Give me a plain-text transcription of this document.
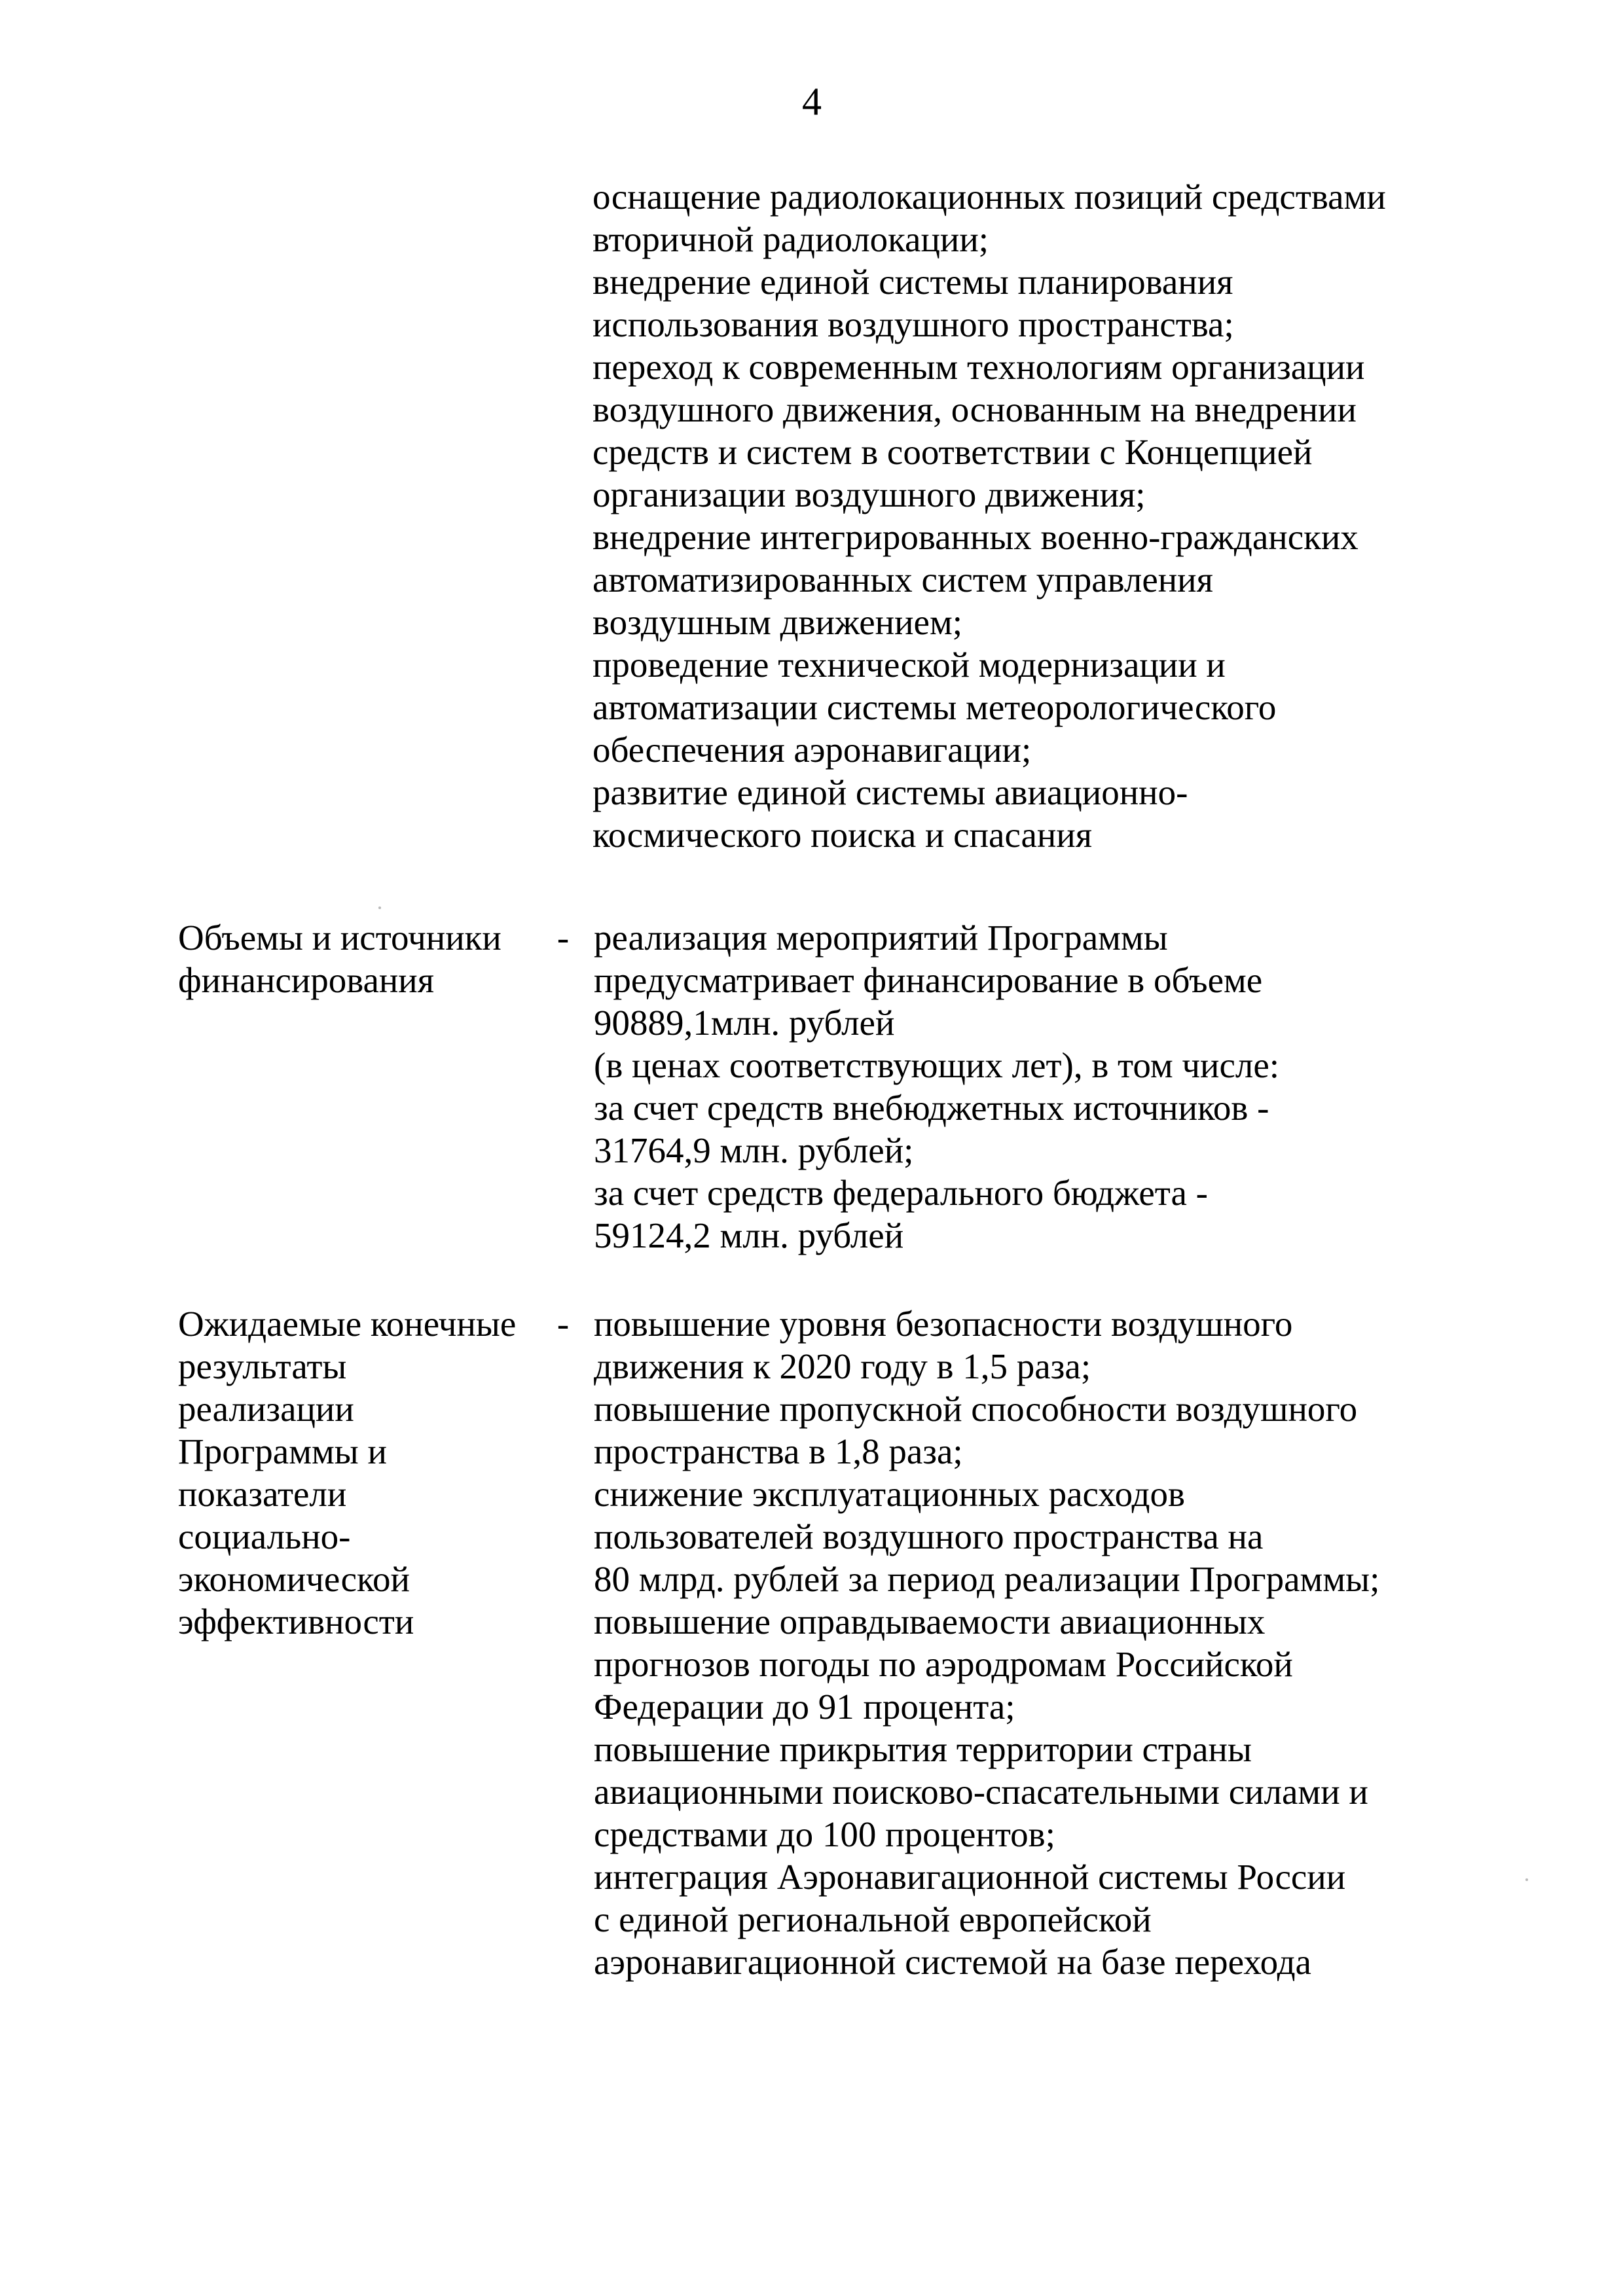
4
оснащение радиолокационных позиций средствами
вторичной радиолокации;
внедрение единой системы планирования
использования воздушного пространства;
переход к современным технологиям организации
воздушного движения, основанным на внедрении
средств и систем в соответствии с Концепцией
организации воздушного движения;
внедрение интегрированных военно-гражданских
автоматизированных систем управления
воздушным движением;
проведение технической модернизации и
автоматизации системы метеорологического
обеспечения аэронавигации;
развитие единой системы авиационно-
космического поиска и спасания
Объемы и источники
финансирования
- реализация мероприятий Программы
предусматривает финансирование в объеме
90889,1млн. рублей
(в ценах соответствующих лет), в том числе:
за счет средств внебюджетных источников -
31764,9 млн. рублей;
за счет средств федерального бюджета -
59124,2 млн. рублей
Ожидаемые конечные
результаты
реализации
Программы и
показатели
социально-
экономической
эффективности
- повышение уровня безопасности воздушного
движения к 2020 году в 1,5 раза;
повышение пропускной способности воздушного
пространства в 1,8 раза;
снижение эксплуатационных расходов
пользователей воздушного пространства на
80 млрд. рублей за период реализации Программы;
повышение оправдываемости авиационных
прогнозов погоды по аэродромам Российской
Федерации до 91 процента;
повышение прикрытия территории страны
авиационными поисково-спасательными силами и
средствами до 100 процентов;
интеграция Аэронавигационной системы России
с единой региональной европейской
аэронавигационной системой на базе перехода
